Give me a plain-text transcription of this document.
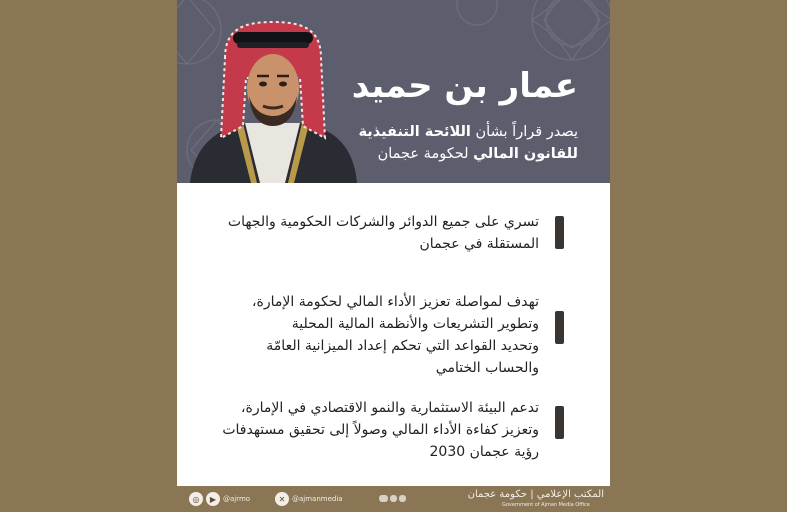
عمار بن حميد
يصدر قراراً بشأن اللائحة التنفيذية
للقانون المالي لحكومة عجمان
تسري على جميع الدوائر والشركات الحكومية والجهات
المستقلة في عجمان
تهدف لمواصلة تعزيز الأداء المالي لحكومة الإمارة،
وتطوير التشريعات والأنظمة المالية المحلية
وتحديد القواعد التي تحكم إعداد الميزانية العامّة
والحساب الختامي
تدعم البيئة الاستثمارية والنمو الاقتصادي في الإمارة،
وتعزيز كفاءة الأداء المالي وصولاً إلى تحقيق مستهدفات
رؤية عجمان 2030
◎	▶ @ajrmo	✕ @ajmanmedia	المكتب الإعلامي | حكومة عجمان
Government of Ajman Media Office
